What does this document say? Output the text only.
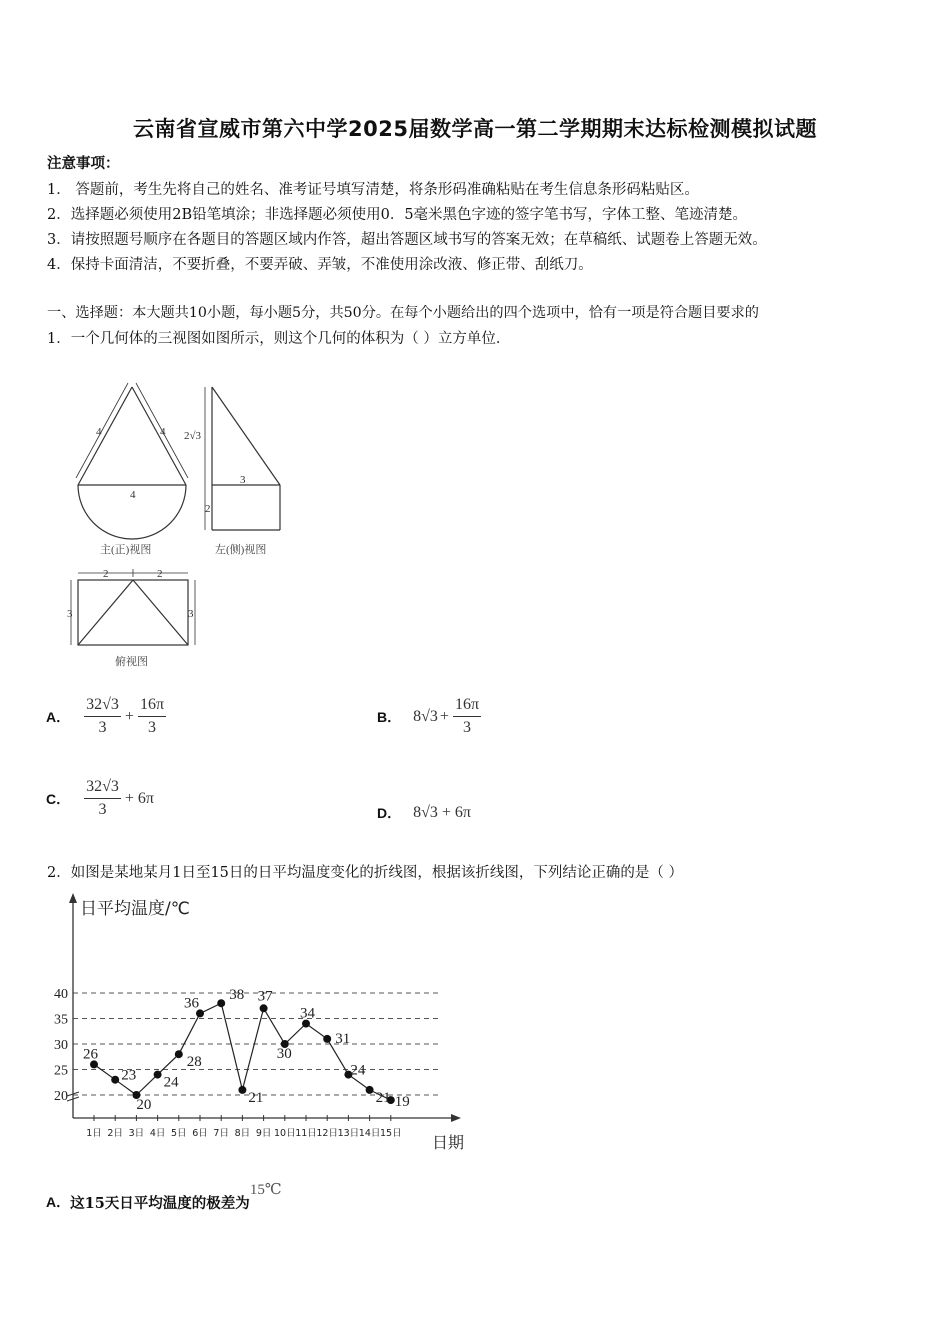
云南省宣威市第六中学2025届数学高一第二学期期末达标检测模拟试题
注意事项：
1． 答题前，考生先将自己的姓名、准考证号填写清楚，将条形码准确粘贴在考生信息条形码粘贴区。
2．选择题必须使用2B铅笔填涂；非选择题必须使用0．5毫米黑色字迹的签字笔书写，字体工整、笔迹清楚。
3．请按照题号顺序在各题目的答题区域内作答，超出答题区域书写的答案无效；在草稿纸、试题卷上答题无效。
4．保持卡面清洁，不要折叠，不要弄破、弄皱，不准使用涂改液、修正带、刮纸刀。
一、选择题：本大题共10小题，每小题5分，共50分。在每个小题给出的四个选项中，恰有一项是符合题目要求的
1．一个几何体的三视图如图所示，则这个几何的体积为（ ）立方单位．
4	4
4
2√3
3
2
2	2
3	3
主(正)视图	左(侧)视图
俯视图
A． $\frac{32√3}{3} + \frac{16\pi}{3}$	B． $8√3 + \frac{16\pi}{3}$
C． $\frac{32√3}{3} + 6\pi$
D． 8√3 + 6π
2．如图是某地某月1日至15日的日平均温度变化的折线图，根据该折线图，下列结论正确的是（ ）
日平均温度/℃
日期
20
25
30
35
40
1日 2日 3日 4日 5日 6日 7日 8日 9日 10日 11日 12日 13日 14日 15日
26
23
20
24
28
36
38
21
37
30
34
31
24
21 19
A． 这15天日平均温度的极差为
15℃
